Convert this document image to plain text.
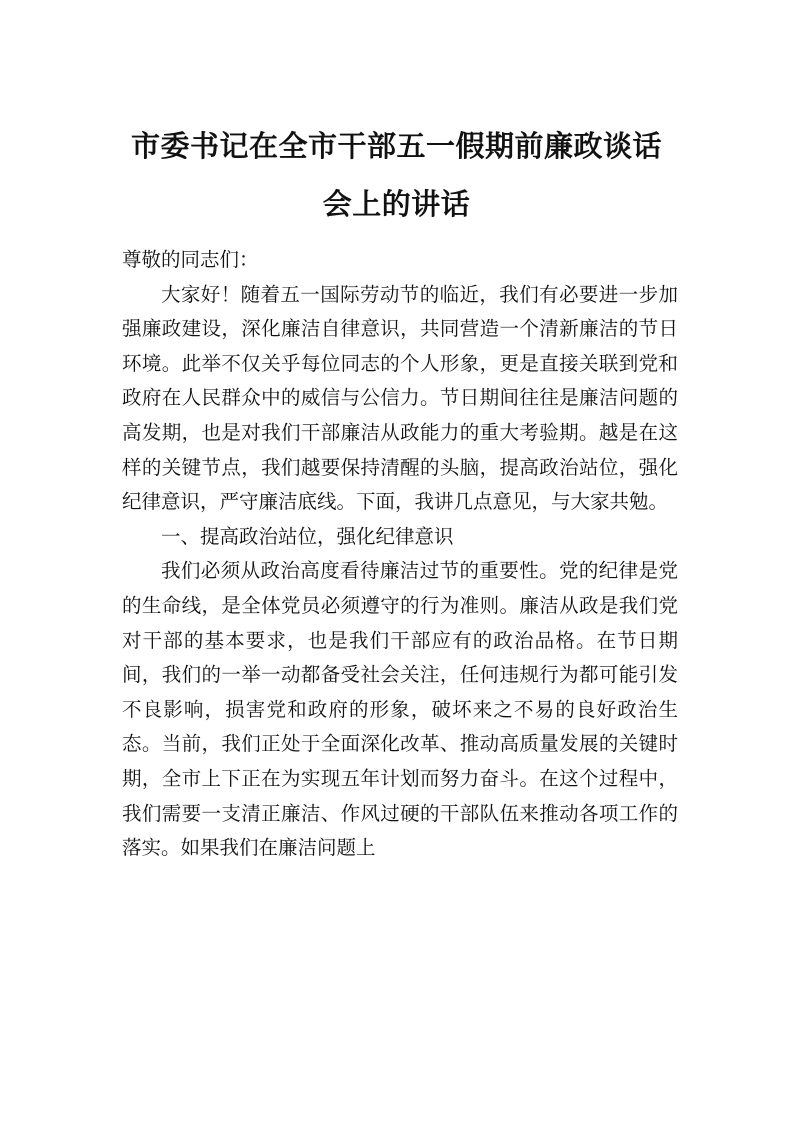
市委书记在全市干部五一假期前廉政谈话
会上的讲话

尊敬的同志们：

大家好！随着五一国际劳动节的临近，我们有必要进一步加强廉政建设，深化廉洁自律意识，共同营造一个清新廉洁的节日环境。此举不仅关乎每位同志的个人形象，更是直接关联到党和政府在人民群众中的威信与公信力。节日期间往往是廉洁问题的高发期，也是对我们干部廉洁从政能力的重大考验期。越是在这样的关键节点，我们越要保持清醒的头脑，提高政治站位，强化纪律意识，严守廉洁底线。下面，我讲几点意见，与大家共勉。

一、提高政治站位，强化纪律意识

我们必须从政治高度看待廉洁过节的重要性。党的纪律是党的生命线，是全体党员必须遵守的行为准则。廉洁从政是我们党对干部的基本要求，也是我们干部应有的政治品格。在节日期间，我们的一举一动都备受社会关注，任何违规行为都可能引发不良影响，损害党和政府的形象，破坏来之不易的良好政治生态。当前，我们正处于全面深化改革、推动高质量发展的关键时期，全市上下正在为实现五年计划而努力奋斗。在这个过程中，我们需要一支清正廉洁、作风过硬的干部队伍来推动各项工作的落实。如果我们在廉洁问题上
